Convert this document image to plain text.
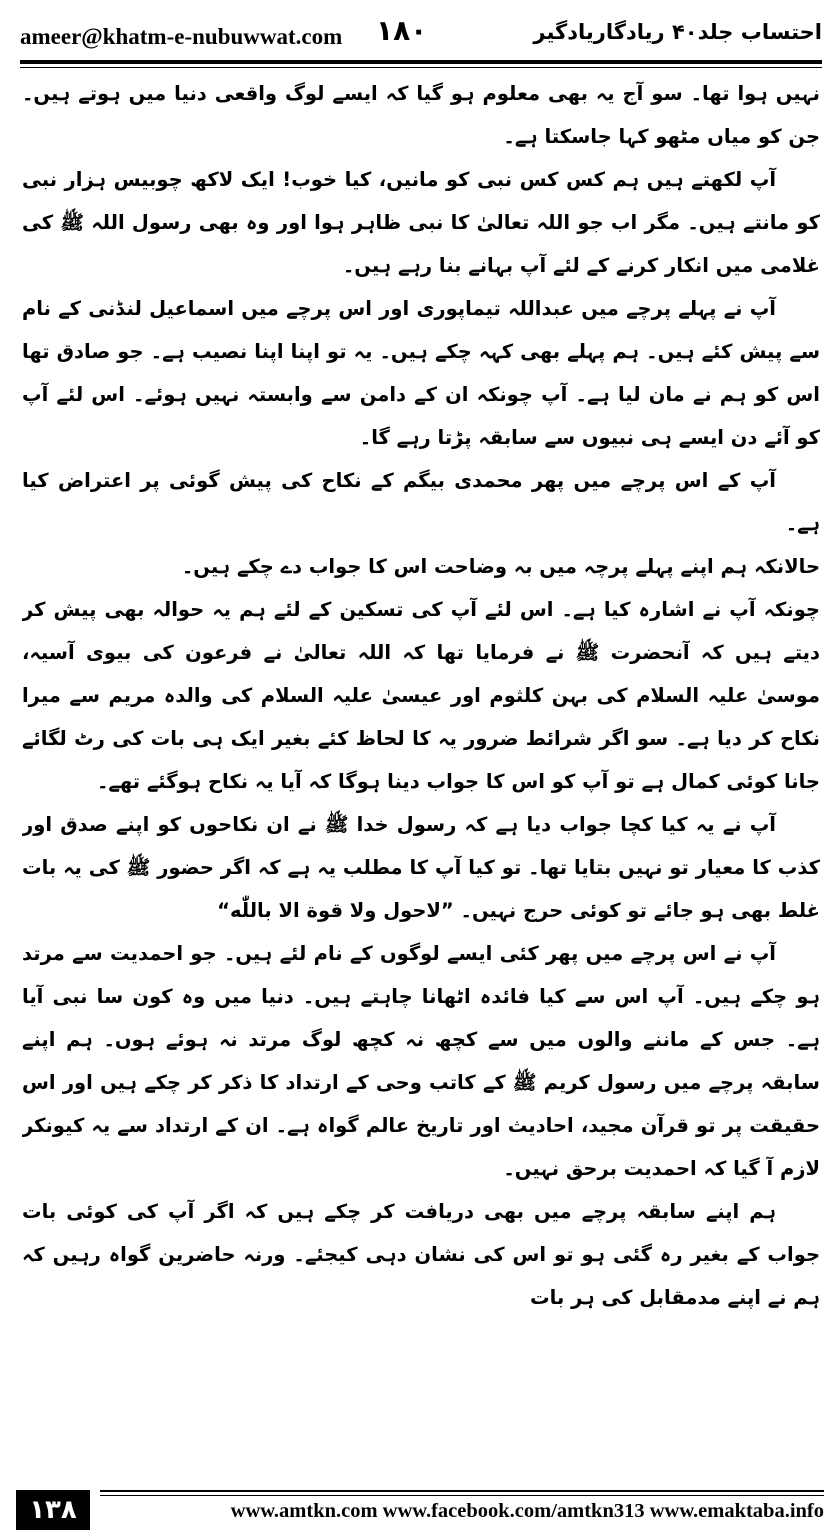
ameer@khatm-e-nubuwwat.com ۱۸۰	احتساب جلد۴۰ ریادگاریادگیر

نہیں ہوا تھا۔ سو آج یہ بھی معلوم ہو گیا کہ ایسے لوگ واقعی دنیا میں ہوتے ہیں۔ جن کو میاں مٹھو کہا جاسکتا ہے۔

آپ لکھتے ہیں ہم کس کس نبی کو مانیں، کیا خوب! ایک لاکھ چوبیس ہزار نبی کو مانتے ہیں۔ مگر اب جو اللہ تعالیٰ کا نبی ظاہر ہوا اور وہ بھی رسول اللہ ﷺ کی غلامی میں انکار کرنے کے لئے آپ بہانے بنا رہے ہیں۔

آپ نے پہلے پرچے میں عبداللہ تیماپوری اور اس پرچے میں اسماعیل لنڈنی کے نام سے پیش کئے ہیں۔ ہم پہلے بھی کہہ چکے ہیں۔ یہ تو اپنا اپنا نصیب ہے۔ جو صادق تھا اس کو ہم نے مان لیا ہے۔ آپ چونکہ ان کے دامن سے وابستہ نہیں ہوئے۔ اس لئے آپ کو آئے دن ایسے ہی نبیوں سے سابقہ پڑتا رہے گا۔

آپ کے اس پرچے میں پھر محمدی بیگم کے نکاح کی پیش گوئی پر اعتراض کیا ہے۔

حالانکہ ہم اپنے پہلے پرچہ میں بہ وضاحت اس کا جواب دے چکے ہیں۔

چونکہ آپ نے اشارہ کیا ہے۔ اس لئے آپ کی تسکین کے لئے ہم یہ حوالہ بھی پیش کر دیتے ہیں کہ آنحضرت ﷺ نے فرمایا تھا کہ اللہ تعالیٰ نے فرعون کی بیوی آسیہ، موسیٰ علیہ السلام کی بہن کلثوم اور عیسیٰ علیہ السلام کی والدہ مریم سے میرا نکاح کر دیا ہے۔ سو اگر شرائط ضرور یہ کا لحاظ کئے بغیر ایک ہی بات کی رٹ لگائے جانا کوئی کمال ہے تو آپ کو اس کا جواب دینا ہوگا کہ آیا یہ نکاح ہوگئے تھے۔

آپ نے یہ کیا کچا جواب دیا ہے کہ رسول خدا ﷺ نے ان نکاحوں کو اپنے صدق اور کذب کا معیار تو نہیں بتایا تھا۔ تو کیا آپ کا مطلب یہ ہے کہ اگر حضور ﷺ کی یہ بات غلط بھی ہو جائے تو کوئی حرج نہیں۔ ”لاحول ولا قوة الا باللّٰه“

آپ نے اس پرچے میں پھر کئی ایسے لوگوں کے نام لئے ہیں۔ جو احمدیت سے مرتد ہو چکے ہیں۔ آپ اس سے کیا فائدہ اٹھانا چاہتے ہیں۔ دنیا میں وہ کون سا نبی آیا ہے۔ جس کے ماننے والوں میں سے کچھ نہ کچھ لوگ مرتد نہ ہوئے ہوں۔ ہم اپنے سابقہ پرچے میں رسول کریم ﷺ کے کاتب وحی کے ارتداد کا ذکر کر چکے ہیں اور اس حقیقت پر تو قرآن مجید، احادیث اور تاریخ عالم گواہ ہے۔ ان کے ارتداد سے یہ کیونکر لازم آ گیا کہ احمدیت برحق نہیں۔

ہم اپنے سابقہ پرچے میں بھی دریافت کر چکے ہیں کہ اگر آپ کی کوئی بات جواب کے بغیر رہ گئی ہو تو اس کی نشان دہی کیجئے۔ ورنہ حاضرین گواہ رہیں کہ ہم نے اپنے مدمقابل کی ہر بات

۱۳۸	www.amtkn.com www.facebook.com/amtkn313 www.emaktaba.info
